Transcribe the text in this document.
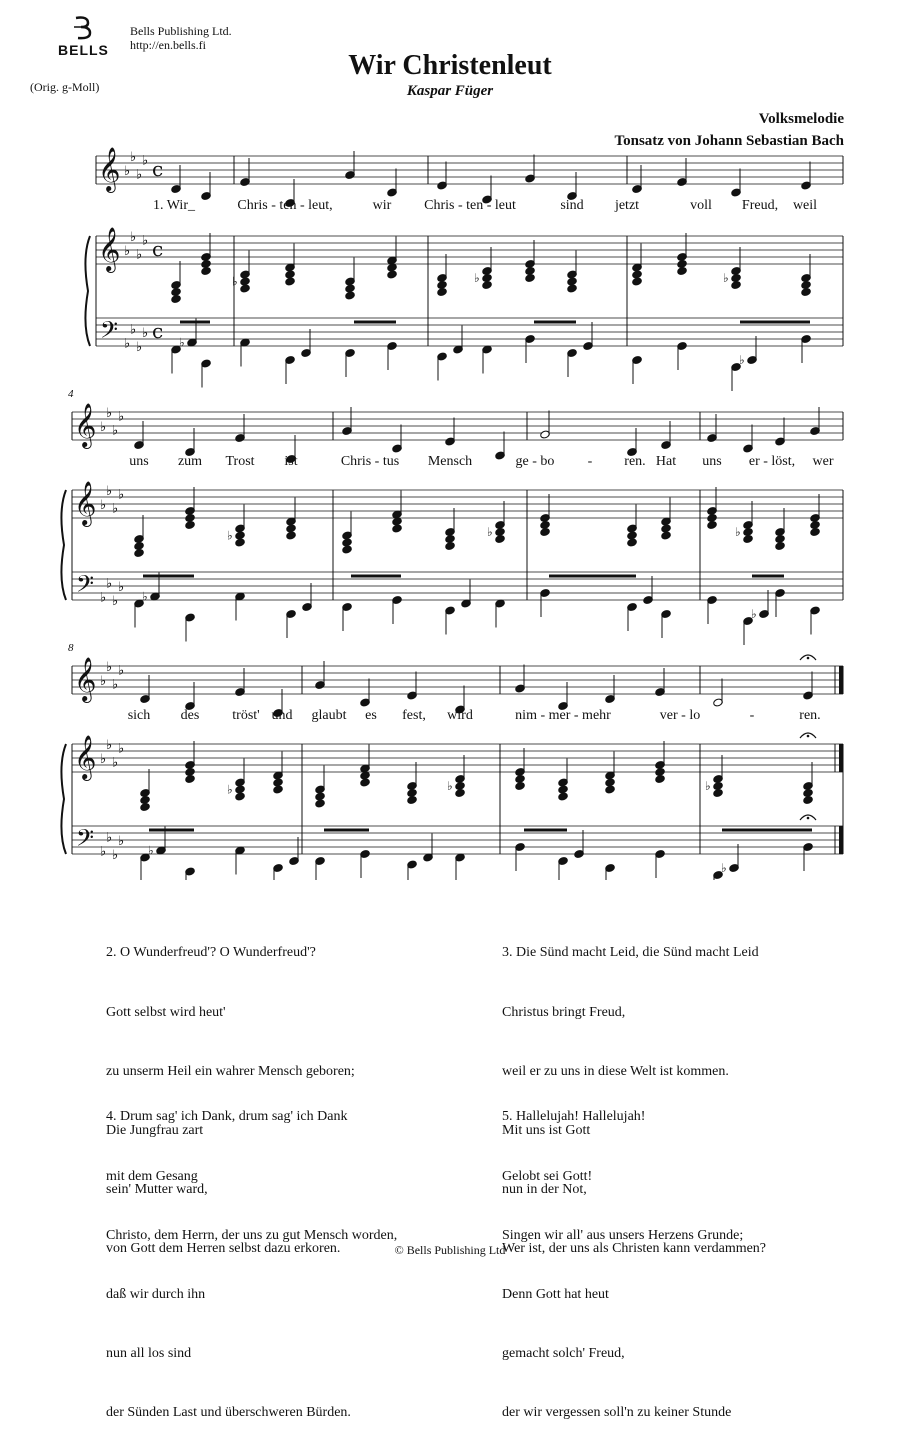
BELLS
Bells Publishing Ltd.
http://en.bells.fi
(Orig. g-Moll)
Wir Christenleut
Kaspar Füger
Volksmelodie
Tonsatz von Johann Sebastian Bach
𝄞
𝄞
𝄢
♭
♭
♭
♭
♭
♭
♭
♭
♭
♭
♭
♭
c
c
c ♭
♭	♭	♭
♭
𝄞
𝄞
𝄢
♭
♭
♭
♭
♭
♭
♭
♭
♭
♭
♭
♭
♭
♭	♭	♭
♭
𝄞
𝄞
𝄢
♭
♭
♭
♭
♭
♭
♭
♭
♭
♭
♭
♭
♭
♭	♭	♭
♭
4
8
1. Wir_	Chris - ten - leut,	wir Chris - ten - leut	sind jetzt	voll Freud, weil
uns zum Trost ist	Chris - tus Mensch	ge - bo - ren. Hat uns er - löst, wer
sich des tröst' und glaubt es fest, wird	nim - mer - mehr	ver - lo	-	ren.

2. O Wunderfreud'? O Wunderfreud'?

Gott selbst wird heut'

zu unserm Heil ein wahrer Mensch geboren;

Die Jungfrau zart

sein' Mutter ward,

von Gott dem Herren selbst dazu erkoren.

3. Die Sünd macht Leid, die Sünd macht Leid

Christus bringt Freud,

weil er zu uns in diese Welt ist kommen.

Mit uns ist Gott

nun in der Not,

Wer ist, der uns als Christen kann verdammen?

4. Drum sag' ich Dank, drum sag' ich Dank

mit dem Gesang

Christo, dem Herrn, der uns zu gut Mensch worden,

daß wir durch ihn

nun all los sind

der Sünden Last und überschweren Bürden.

5. Hallelujah! Hallelujah!

Gelobt sei Gott!

Singen wir all' aus unsers Herzens Grunde;

Denn Gott hat heut

gemacht solch' Freud,

der wir vergessen soll'n zu keiner Stunde

© Bells Publishing Ltd
